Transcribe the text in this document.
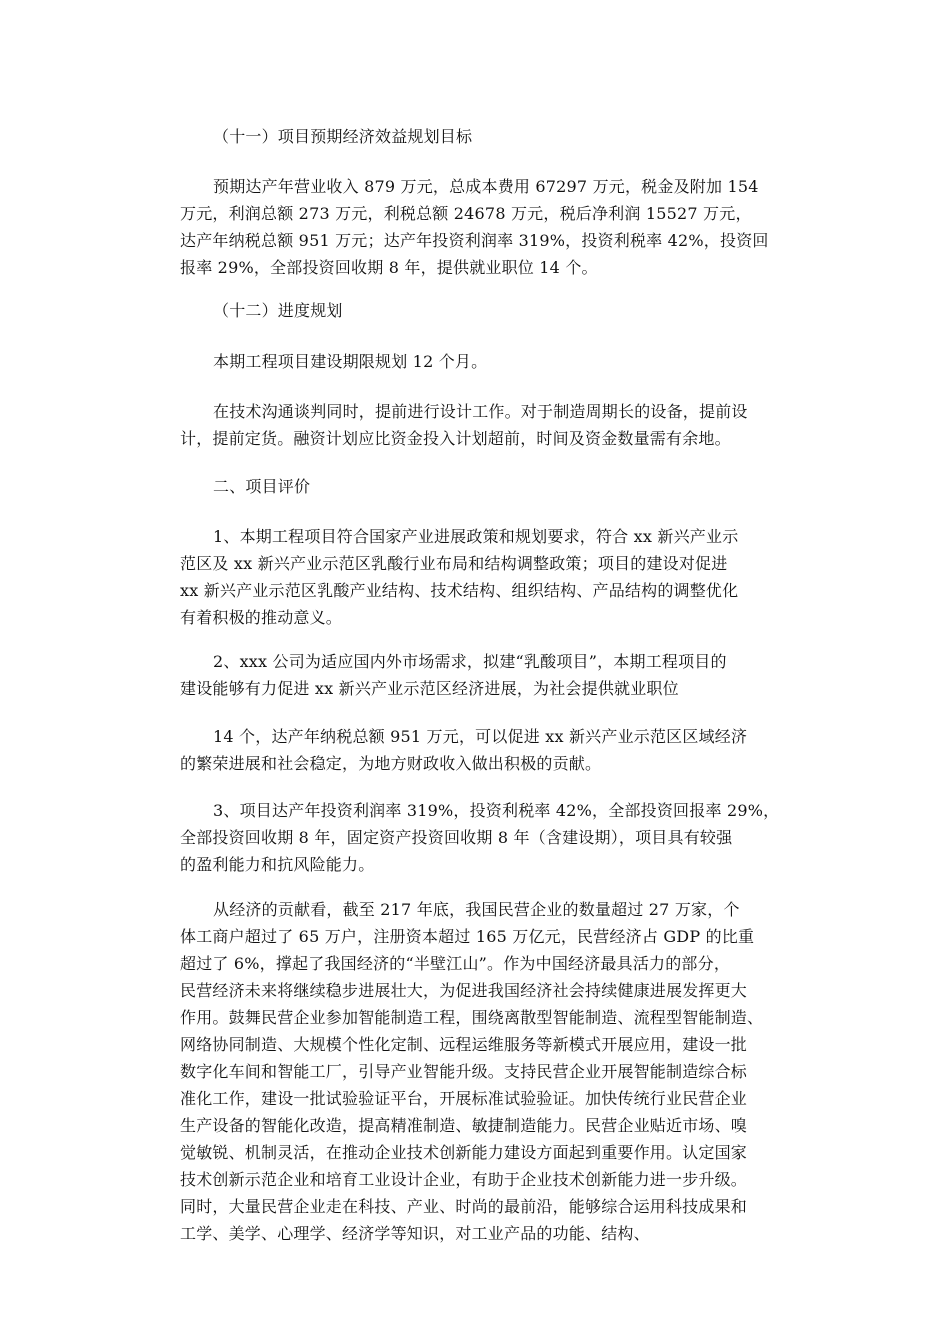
（十一）项目预期经济效益规划目标
预期达产年营业收入 879 万元，总成本费用 67297 万元，税金及附加 154
万元，利润总额 273 万元，利税总额 24678 万元，税后净利润 15527 万元，
达产年纳税总额 951 万元；达产年投资利润率 319%，投资利税率 42%，投资回
报率 29%，全部投资回收期 8 年，提供就业职位 14 个。
（十二）进度规划
本期工程项目建设期限规划 12 个月。
在技术沟通谈判同时，提前进行设计工作。对于制造周期长的设备，提前设
计，提前定货。融资计划应比资金投入计划超前，时间及资金数量需有余地。
二、项目评价
1、本期工程项目符合国家产业进展政策和规划要求，符合 xx 新兴产业示
范区及 xx 新兴产业示范区乳酸行业布局和结构调整政策；项目的建设对促进
xx 新兴产业示范区乳酸产业结构、技术结构、组织结构、产品结构的调整优化
有着积极的推动意义。
2、xxx 公司为适应国内外市场需求，拟建“乳酸项目”，本期工程项目的
建设能够有力促进 xx 新兴产业示范区经济进展，为社会提供就业职位
14 个，达产年纳税总额 951 万元，可以促进 xx 新兴产业示范区区域经济
的繁荣进展和社会稳定，为地方财政收入做出积极的贡献。
3、项目达产年投资利润率 319%，投资利税率 42%，全部投资回报率 29%，
全部投资回收期 8 年，固定资产投资回收期 8 年（含建设期），项目具有较强
的盈利能力和抗风险能力。
从经济的贡献看，截至 217 年底，我国民营企业的数量超过 27 万家，个
体工商户超过了 65 万户，注册资本超过 165 万亿元，民营经济占 GDP 的比重
超过了 6%，撑起了我国经济的“半壁江山”。作为中国经济最具活力的部分，
民营经济未来将继续稳步进展壮大，为促进我国经济社会持续健康进展发挥更大
作用。鼓舞民营企业参加智能制造工程，围绕离散型智能制造、流程型智能制造、
网络协同制造、大规模个性化定制、远程运维服务等新模式开展应用，建设一批
数字化车间和智能工厂，引导产业智能升级。支持民营企业开展智能制造综合标
准化工作，建设一批试验验证平台，开展标准试验验证。加快传统行业民营企业
生产设备的智能化改造，提高精准制造、敏捷制造能力。民营企业贴近市场、嗅
觉敏锐、机制灵活，在推动企业技术创新能力建设方面起到重要作用。认定国家
技术创新示范企业和培育工业设计企业，有助于企业技术创新能力进一步升级。
同时，大量民营企业走在科技、产业、时尚的最前沿，能够综合运用科技成果和
工学、美学、心理学、经济学等知识，对工业产品的功能、结构、
